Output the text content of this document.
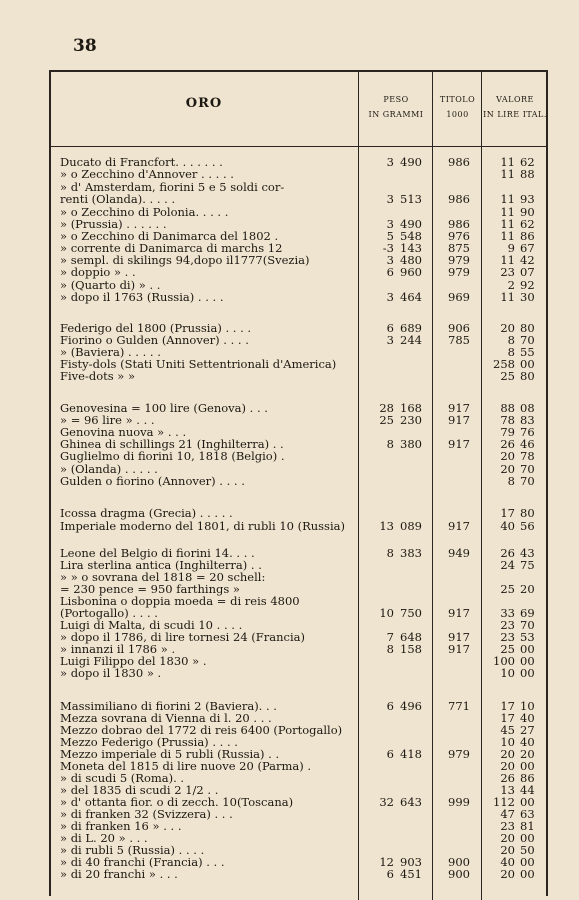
38
ORO	PESO
IN GRAMMI
TITOLO
1000
VALORE
IN LIRE ITAL.
Ducato di Francfort. . . . . . .	3 490	986	11 62
» o Zecchino d'Annover . . . . .	11 88
» d' Amsterdam, fiorini 5 e 5 soldi cor-
renti (Olanda). . . . .	3 513	986	11 93
» o Zecchino di Polonia. . . . .	11 90
» (Prussia) . . . . . .	3 490	986	11 62
» o Zecchino di Danimarca del 1802 .	5 548	976	11 86
» corrente di Danimarca di marchs 12	-3 143	875	9 67
» sempl. di skilings 94,dopo il1777(Svezia)	3 480	979	11 42
» doppio » . .	6 960	979	23 07
» (Quarto di) » . .	2 92
» dopo il 1763 (Russia) . . . .	3 464	969	11 30
Federigo del 1800 (Prussia) . . . .	6 689	906	20 80
Fiorino o Gulden (Annover) . . . .	3 244	785	8 70
» (Baviera) . . . . .	8 55
Fisty-dols (Stati Uniti Settentrionali d'America)	258 00
Five-dots » »	25 80
Genovesina = 100 lire (Genova) . . .	28 168	917	88 08
» = 96 lire » . . .	25 230	917	78 83
Genovina nuova » . . .	79 76
Ghinea di schillings 21 (Inghilterra) . .	8 380	917	26 46
Guglielmo di fiorini 10, 1818 (Belgio) .	20 78
» (Olanda) . . . . .	20 70
Gulden o fiorino (Annover) . . . .	8 70
Icossa dragma (Grecia) . . . . .	17 80
Imperiale moderno del 1801, di rubli 10 (Russia)	13 089	917	40 56
Leone del Belgio di fiorini 14. . . .	8 383	949	26 43
Lira sterlina antica (Inghilterra) . .	24 75
» » o sovrana del 1818 = 20 schell:
= 230 pence = 950 farthings »	25 20
Lisbonina o doppia moeda = di reis 4800
(Portogallo) . . . .	10 750	917	33 69
Luigi di Malta, di scudi 10 . . . .	23 70
» dopo il 1786, di lire tornesi 24 (Francia)	7 648	917	23 53
» innanzi il 1786 » .	8 158	917	25 00
Luigi Filippo del 1830 » .	100 00
» dopo il 1830 » .	10 00
Massimiliano di fiorini 2 (Baviera). . .	6 496	771	17 10
Mezza sovrana di Vienna di l. 20 . . .	17 40
Mezzo dobrao del 1772 di reis 6400 (Portogallo)	45 27
Mezzo Federigo (Prussia) . . . .	10 40
Mezzo imperiale di 5 rubli (Russia) . .	6 418	979	20 20
Moneta del 1815 di lire nuove 20 (Parma) .	20 00
» di scudi 5 (Roma). .	26 86
» del 1835 di scudi 2 1/2 . .	13 44
» d' ottanta fior. o di zecch. 10(Toscana)	32 643	999	112 00
» di franken 32 (Svizzera) . . .	47 63
» di franken 16 » . . .	23 81
» di L. 20 » . . .	20 00
» di rubli 5 (Russia) . . . .	20 50
» di 40 franchi (Francia) . . .	12 903	900	40 00
» di 20 franchi » . . .	6 451	900	20 00
